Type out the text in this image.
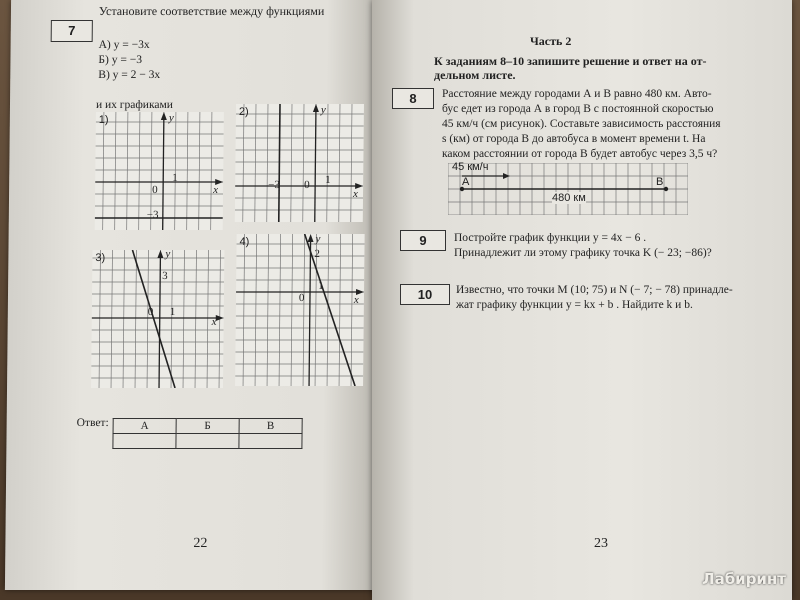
7
Установите соответствие между функциями
А) y = −3x
Б) y = −3
В) y = 2 − 3x
и их графиками
1)
0
1
−3
x
y	2)
−3 0 1
x
y
3)
3
0 1
x
y
4)
2
0
1
x
y
Ответ:	А	Б	В

22
Часть 2
К заданиям 8–10 запишите решение и ответ на от-
дельном листе.
8	Расстояние между городами А и В равно 480 км. Авто-
бус едет из города А в город В с постоянной скоростью
45 км/ч (см рисунок). Составьте зависимость расстояния
s (км) от города В до автобуса в момент времени t. На
каком расстоянии от города В будет автобус через 3,5 ч?
45 км/ч
А	В
480 км
9	Постройте график функции y = 4x − 6 .
Принадлежит ли этому графику точка K (− 23; −86)?
10	Известно, что точки M (10; 75) и N (− 7; − 78) принадле-
жат графику функции y = kx + b . Найдите k и b.
23
Лабиринт
